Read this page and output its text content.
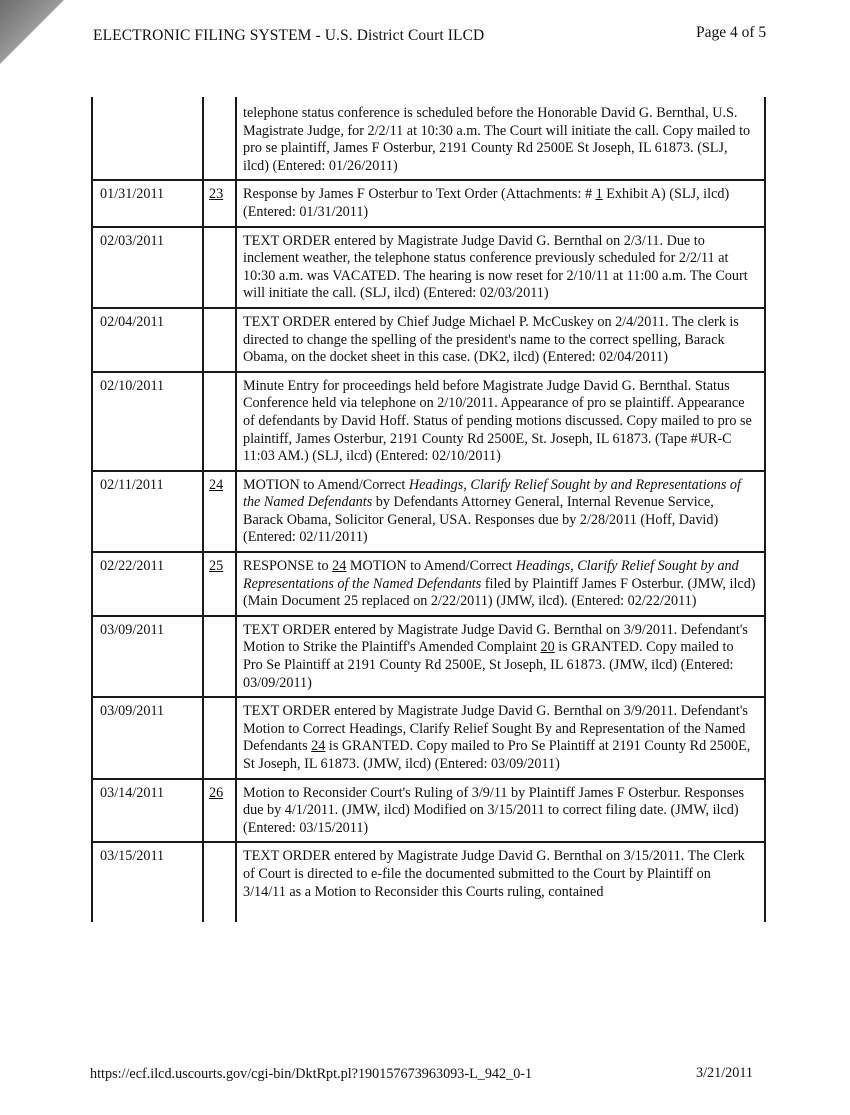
ELECTRONIC FILING SYSTEM - U.S. District Court ILCD	Page 4 of 5
		telephone status conference is scheduled before the Honorable David G. Bernthal, U.S. Magistrate Judge, for 2/2/11 at 10:30 a.m. The Court will initiate the call. Copy mailed to pro se plaintiff, James F Osterbur, 2191 County Rd 2500E St Joseph, IL 61873. (SLJ, ilcd) (Entered: 01/26/2011)
01/31/2011	23	Response by James F Osterbur to Text Order (Attachments: # 1 Exhibit A) (SLJ, ilcd) (Entered: 01/31/2011)
02/03/2011		TEXT ORDER entered by Magistrate Judge David G. Bernthal on 2/3/11. Due to inclement weather, the telephone status conference previously scheduled for 2/2/11 at 10:30 a.m. was VACATED. The hearing is now reset for 2/10/11 at 11:00 a.m. The Court will initiate the call. (SLJ, ilcd) (Entered: 02/03/2011)
02/04/2011		TEXT ORDER entered by Chief Judge Michael P. McCuskey on 2/4/2011. The clerk is directed to change the spelling of the president's name to the correct spelling, Barack Obama, on the docket sheet in this case. (DK2, ilcd) (Entered: 02/04/2011)
02/10/2011		Minute Entry for proceedings held before Magistrate Judge David G. Bernthal. Status Conference held via telephone on 2/10/2011. Appearance of pro se plaintiff. Appearance of defendants by David Hoff. Status of pending motions discussed. Copy mailed to pro se plaintiff, James Osterbur, 2191 County Rd 2500E, St. Joseph, IL 61873. (Tape #UR-C 11:03 AM.) (SLJ, ilcd) (Entered: 02/10/2011)
02/11/2011	24	MOTION to Amend/Correct Headings, Clarify Relief Sought by and Representations of the Named Defendants by Defendants Attorney General, Internal Revenue Service, Barack Obama, Solicitor General, USA. Responses due by 2/28/2011 (Hoff, David) (Entered: 02/11/2011)
02/22/2011	25	RESPONSE to 24 MOTION to Amend/Correct Headings, Clarify Relief Sought by and Representations of the Named Defendants filed by Plaintiff James F Osterbur. (JMW, ilcd) (Main Document 25 replaced on 2/22/2011) (JMW, ilcd). (Entered: 02/22/2011)
03/09/2011		TEXT ORDER entered by Magistrate Judge David G. Bernthal on 3/9/2011. Defendant's Motion to Strike the Plaintiff's Amended Complaint 20 is GRANTED. Copy mailed to Pro Se Plaintiff at 2191 County Rd 2500E, St Joseph, IL 61873. (JMW, ilcd) (Entered: 03/09/2011)
03/09/2011		TEXT ORDER entered by Magistrate Judge David G. Bernthal on 3/9/2011. Defendant's Motion to Correct Headings, Clarify Relief Sought By and Representation of the Named Defendants 24 is GRANTED. Copy mailed to Pro Se Plaintiff at 2191 County Rd 2500E, St Joseph, IL 61873. (JMW, ilcd) (Entered: 03/09/2011)
03/14/2011	26	Motion to Reconsider Court's Ruling of 3/9/11 by Plaintiff James F Osterbur. Responses due by 4/1/2011. (JMW, ilcd) Modified on 3/15/2011 to correct filing date. (JMW, ilcd) (Entered: 03/15/2011)
03/15/2011		TEXT ORDER entered by Magistrate Judge David G. Bernthal on 3/15/2011. The Clerk of Court is directed to e-file the documented submitted to the Court by Plaintiff on 3/14/11 as a Motion to Reconsider this Courts ruling, contained
https://ecf.ilcd.uscourts.gov/cgi-bin/DktRpt.pl?190157673963093-L_942_0-1	3/21/2011
